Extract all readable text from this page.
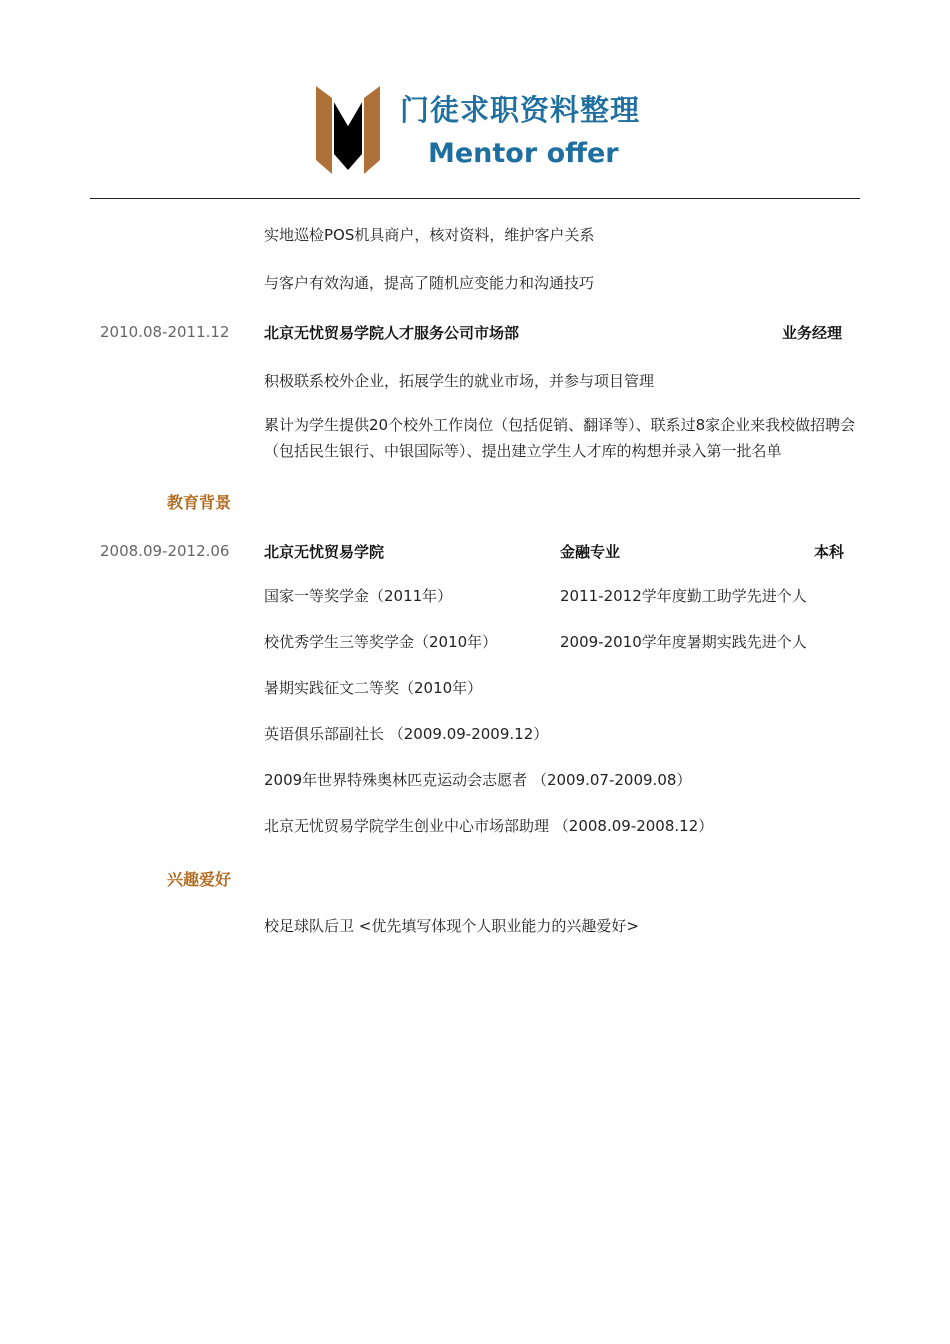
门徒求职资料整理
Mentor offer
实地巡检POS机具商户，核对资料，维护客户关系
与客户有效沟通，提高了随机应变能力和沟通技巧
2010.08-2011.12 北京无忧贸易学院人才服务公司市场部	业务经理
积极联系校外企业，拓展学生的就业市场，并参与项目管理
累计为学生提供20个校外工作岗位（包括促销、翻译等）、联系过8家企业来我校做招聘会（包括民生银行、中银国际等）、提出建立学生人才库的构想并录入第一批名单
教育背景
2008.09-2012.06 北京无忧贸易学院	金融专业	本科
国家一等奖学金（2011年）	2011-2012学年度勤工助学先进个人
校优秀学生三等奖学金（2010年）	2009-2010学年度暑期实践先进个人
暑期实践征文二等奖（2010年）
英语俱乐部副社长 （2009.09-2009.12）
2009年世界特殊奥林匹克运动会志愿者 （2009.07-2009.08）
北京无忧贸易学院学生创业中心市场部助理 （2008.09-2008.12）
兴趣爱好
校足球队后卫 <优先填写体现个人职业能力的兴趣爱好>
